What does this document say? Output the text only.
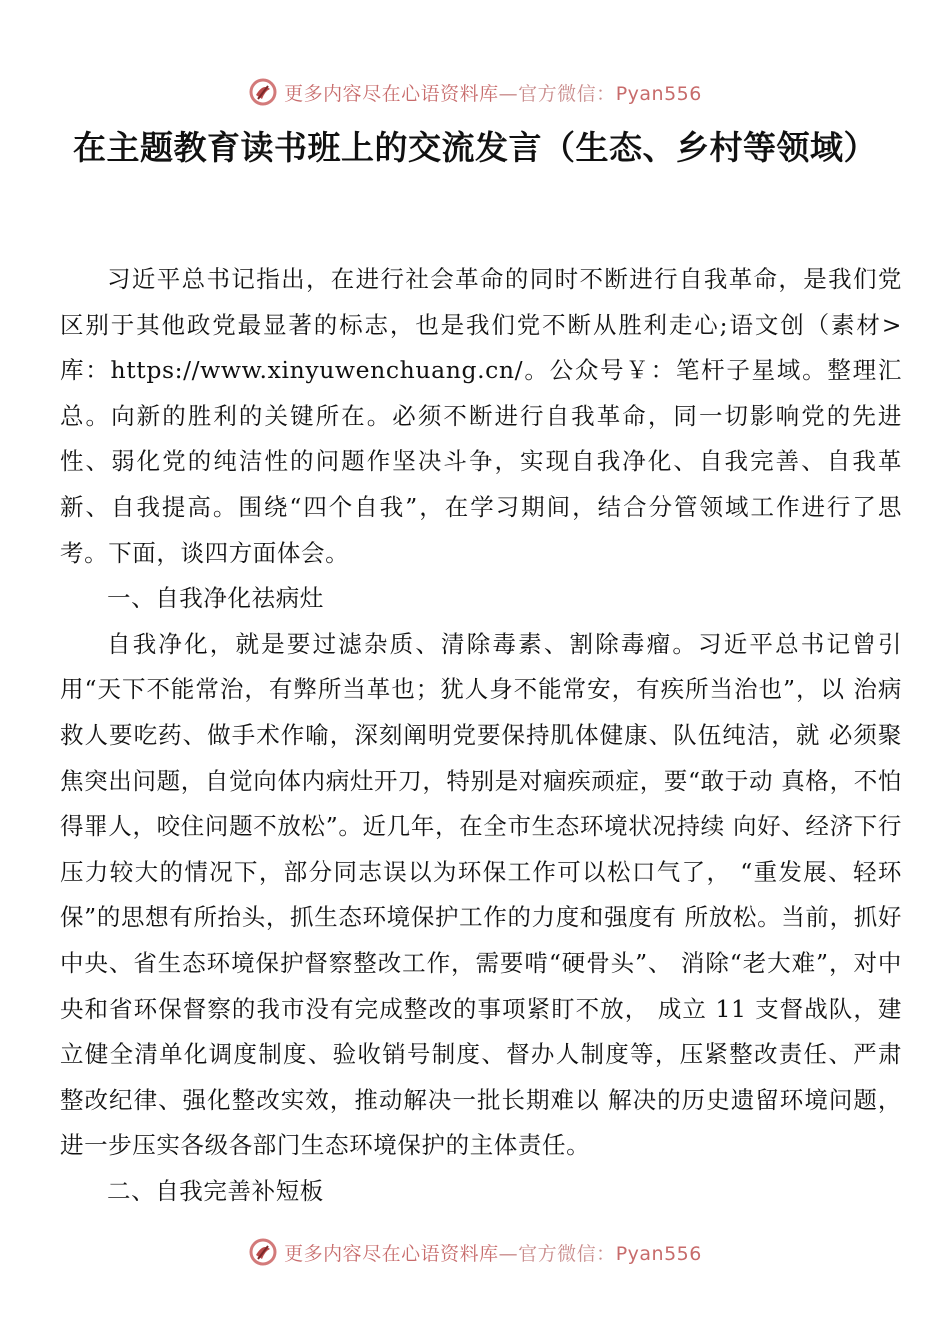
更多内容尽在心语资料库—官方微信：Pyan556
在主题教育读书班上的交流发言（生态、乡村等领域）

习近平总书记指出，在进行社会革命的同时不断进行自我革命，是我们党区别于其他政党最显著的标志，也是我们党不断从胜利走心;语文创（素材>库：https://www.xinyuwenchuang.cn/。公众号￥：笔杆子星域。整理汇总。向新的胜利的关键所在。必须不断进行自我革命，同一切影响党的先进性、弱化党的纯洁性的问题作坚决斗争，实现自我净化、自我完善、自我革新、自我提高。围绕“四个自我”，在学习期间，结合分管领域工作进行了思考。下面，谈四方面体会。

一、自我净化祛病灶

自我净化，就是要过滤杂质、清除毒素、割除毒瘤。习近平总书记曾引 用“天下不能常治，有弊所当革也；犹人身不能常安，有疾所当治也”，以 治病救人要吃药、做手术作喻，深刻阐明党要保持肌体健康、队伍纯洁，就 必须聚焦突出问题，自觉向体内病灶开刀，特别是对痼疾顽症，要“敢于动 真格，不怕得罪人，咬住问题不放松”。近几年，在全市生态环境状况持续 向好、经济下行压力较大的情况下，部分同志误以为环保工作可以松口气了， “重发展、轻环保”的思想有所抬头，抓生态环境保护工作的力度和强度有 所放松。当前，抓好中央、省生态环境保护督察整改工作，需要啃“硬骨头”、 消除“老大难”，对中央和省环保督察的我市没有完成整改的事项紧盯不放， 成立 11 支督战队，建立健全清单化调度制度、验收销号制度、督办人制度等，压紧整改责任、严肃整改纪律、强化整改实效，推动解决一批长期难以 解决的历史遗留环境问题，进一步压实各级各部门生态环境保护的主体责任。

二、自我完善补短板

更多内容尽在心语资料库—官方微信：Pyan556
